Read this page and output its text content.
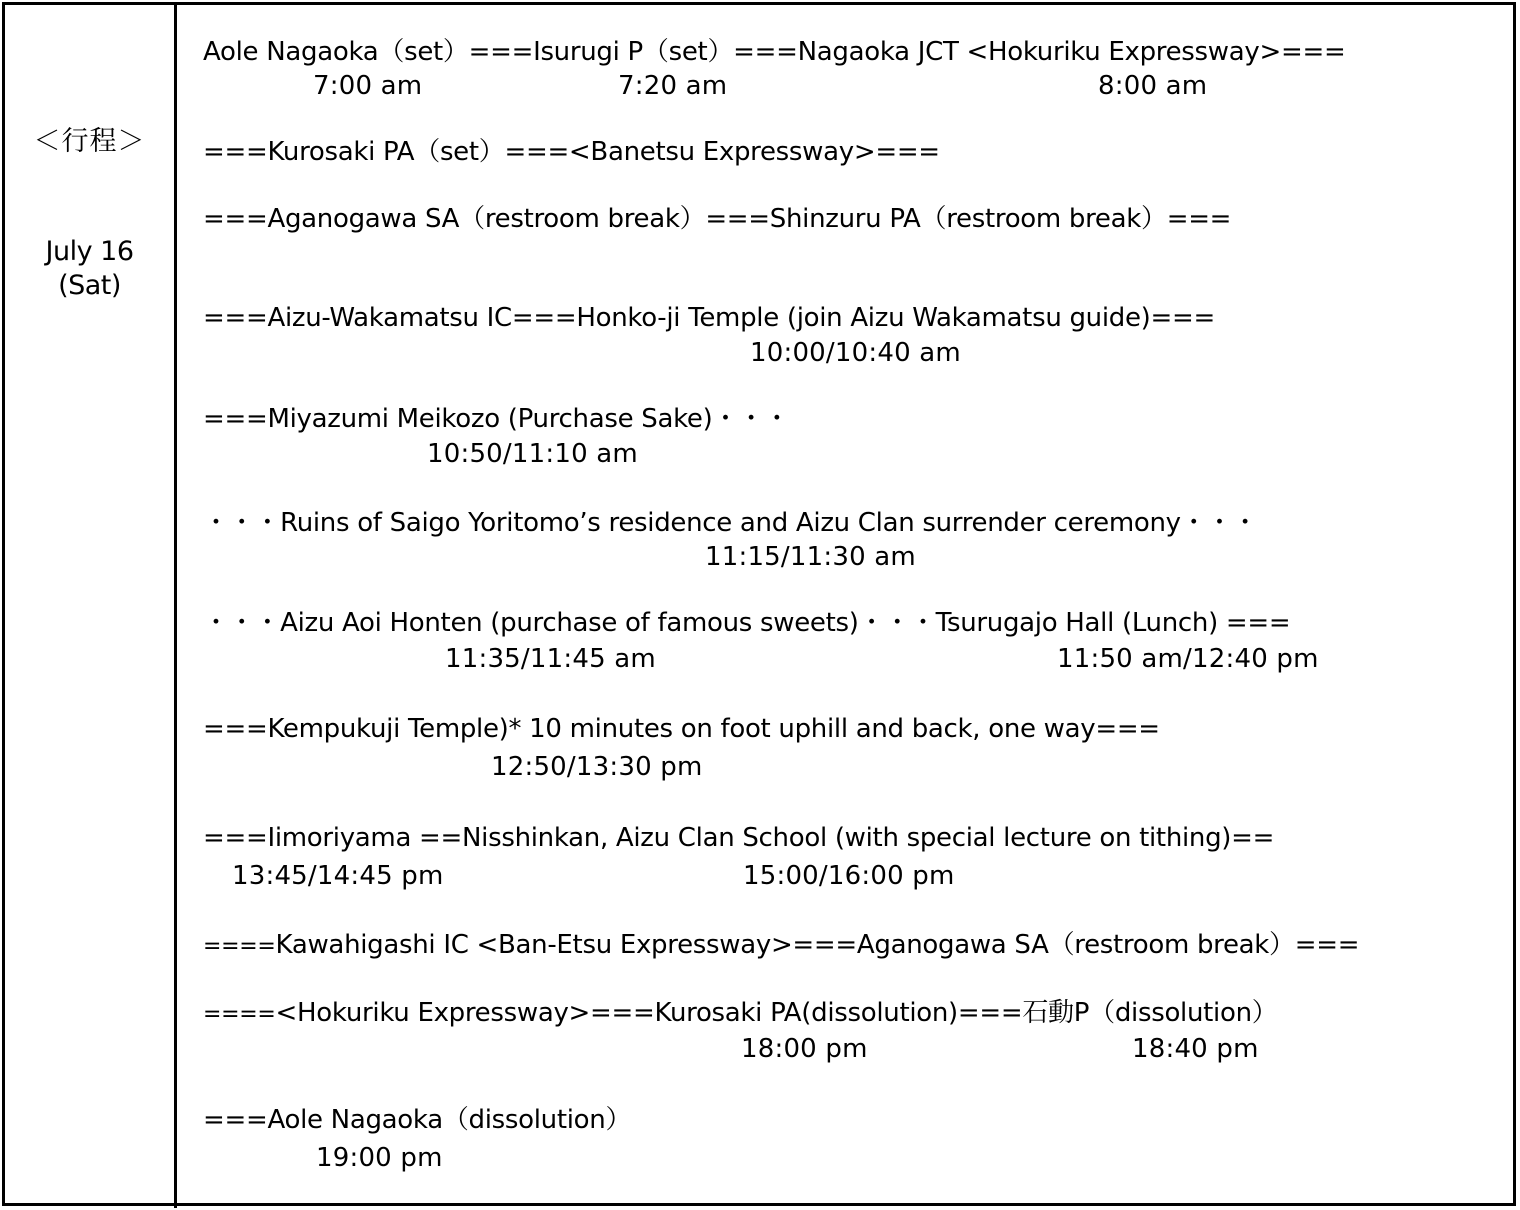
＜行程＞
July 16
(Sat)
Aole Nagaoka（set）===Isurugi P（set）===Nagaoka JCT <Hokuriku Expressway>===
7:00 am	7:20 am	8:00 am
===Kurosaki PA（set）===<Banetsu Expressway>===
===Aganogawa SA（restroom break）===Shinzuru PA（restroom break）===
===Aizu-Wakamatsu IC===Honko-ji Temple (join Aizu Wakamatsu guide)===
10:00/10:40 am
===Miyazumi Meikozo (Purchase Sake)・・・
10:50/11:10 am
・・・Ruins of Saigo Yoritomo’s residence and Aizu Clan surrender ceremony・・・
11:15/11:30 am
・・・Aizu Aoi Honten (purchase of famous sweets)・・・Tsurugajo Hall (Lunch) ===
11:35/11:45 am	11:50 am/12:40 pm
===Kempukuji Temple)* 10 minutes on foot uphill and back, one way===
12:50/13:30 pm
===Iimoriyama ==Nisshinkan, Aizu Clan School (with special lecture on tithing)==
13:45/14:45 pm	15:00/16:00 pm
====Kawahigashi IC <Ban-Etsu Expressway>===Aganogawa SA（restroom break）===
====<Hokuriku Expressway>===Kurosaki PA(dissolution)===石動P（dissolution）
18:00 pm	18:40 pm
===Aole Nagaoka（dissolution）
19:00 pm
